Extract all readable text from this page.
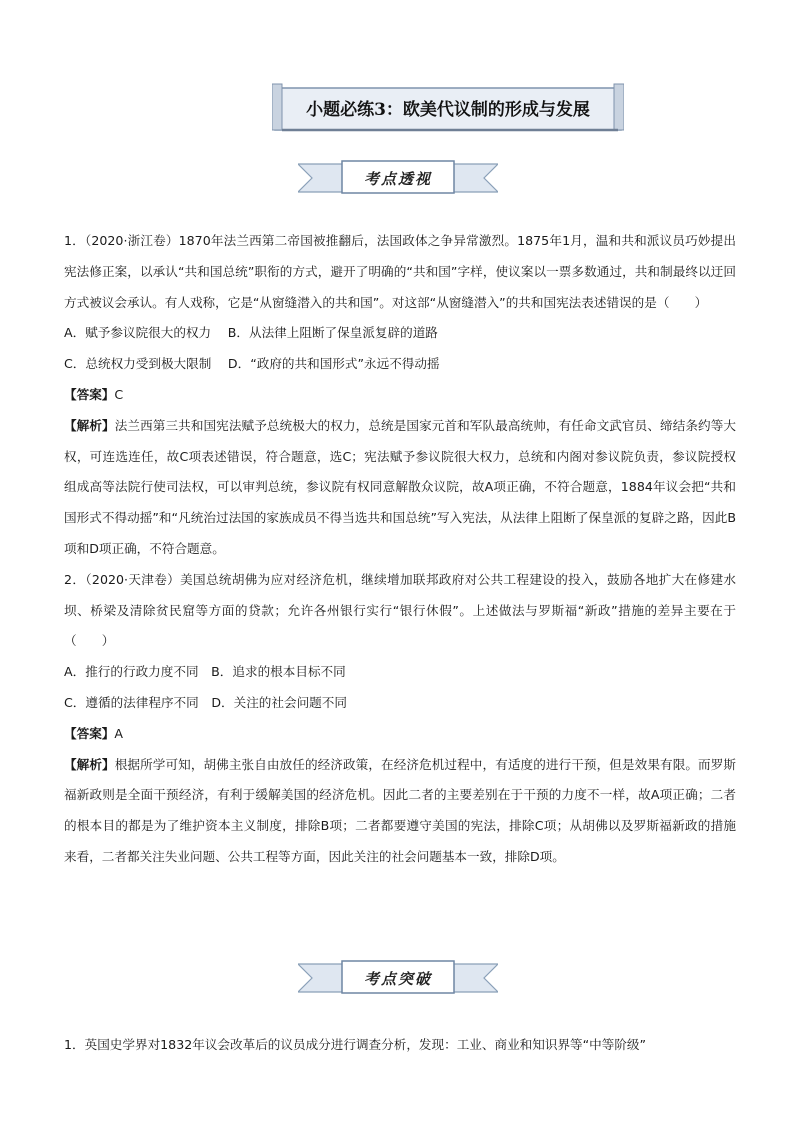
小题必练3：欧美代议制的形成与发展
考点透视

1．（2020·浙江卷）1870年法兰西第二帝国被推翻后，法国政体之争异常激烈。1875年1月，温和共和派议员巧妙提出宪法修正案，以承认“共和国总统”职衔的方式，避开了明确的“共和国”字样，使议案以一票多数通过，共和制最终以迂回方式被议会承认。有人戏称，它是“从窗缝潜入的共和国”。对这部“从窗缝潜入”的共和国宪法表述错误的是（　　）

A．赋予参议院很大的权力　 B．从法律上阻断了保皇派复辟的道路

C．总统权力受到极大限制　 D．“政府的共和国形式”永远不得动摇

【答案】C

【解析】法兰西第三共和国宪法赋予总统极大的权力，总统是国家元首和军队最高统帅，有任命文武官员、缔结条约等大权，可连选连任，故C项表述错误，符合题意，选C；宪法赋予参议院很大权力，总统和内阁对参议院负责，参议院授权组成高等法院行使司法权，可以审判总统，参议院有权同意解散众议院，故A项正确，不符合题意，1884年议会把“共和国形式不得动摇”和“凡统治过法国的家族成员不得当选共和国总统”写入宪法，从法律上阻断了保皇派的复辟之路，因此B项和D项正确，不符合题意。

2．（2020·天津卷）美国总统胡佛为应对经济危机，继续增加联邦政府对公共工程建设的投入，鼓励各地扩大在修建水坝、桥梁及清除贫民窟等方面的贷款；允许各州银行实行“银行休假”。上述做法与罗斯福“新政”措施的差异主要在于（　　）

A．推行的行政力度不同　B．追求的根本目标不同

C．遵循的法律程序不同　D．关注的社会问题不同

【答案】A

【解析】根据所学可知，胡佛主张自由放任的经济政策，在经济危机过程中，有适度的进行干预，但是效果有限。而罗斯福新政则是全面干预经济，有利于缓解美国的经济危机。因此二者的主要差别在于干预的力度不一样，故A项正确；二者的根本目的都是为了维护资本主义制度，排除B项；二者都要遵守美国的宪法，排除C项；从胡佛以及罗斯福新政的措施来看，二者都关注失业问题、公共工程等方面，因此关注的社会问题基本一致，排除D项。

考点突破

1．英国史学界对1832年议会改革后的议员成分进行调查分析，发现：工业、商业和知识界等“中等阶级”
